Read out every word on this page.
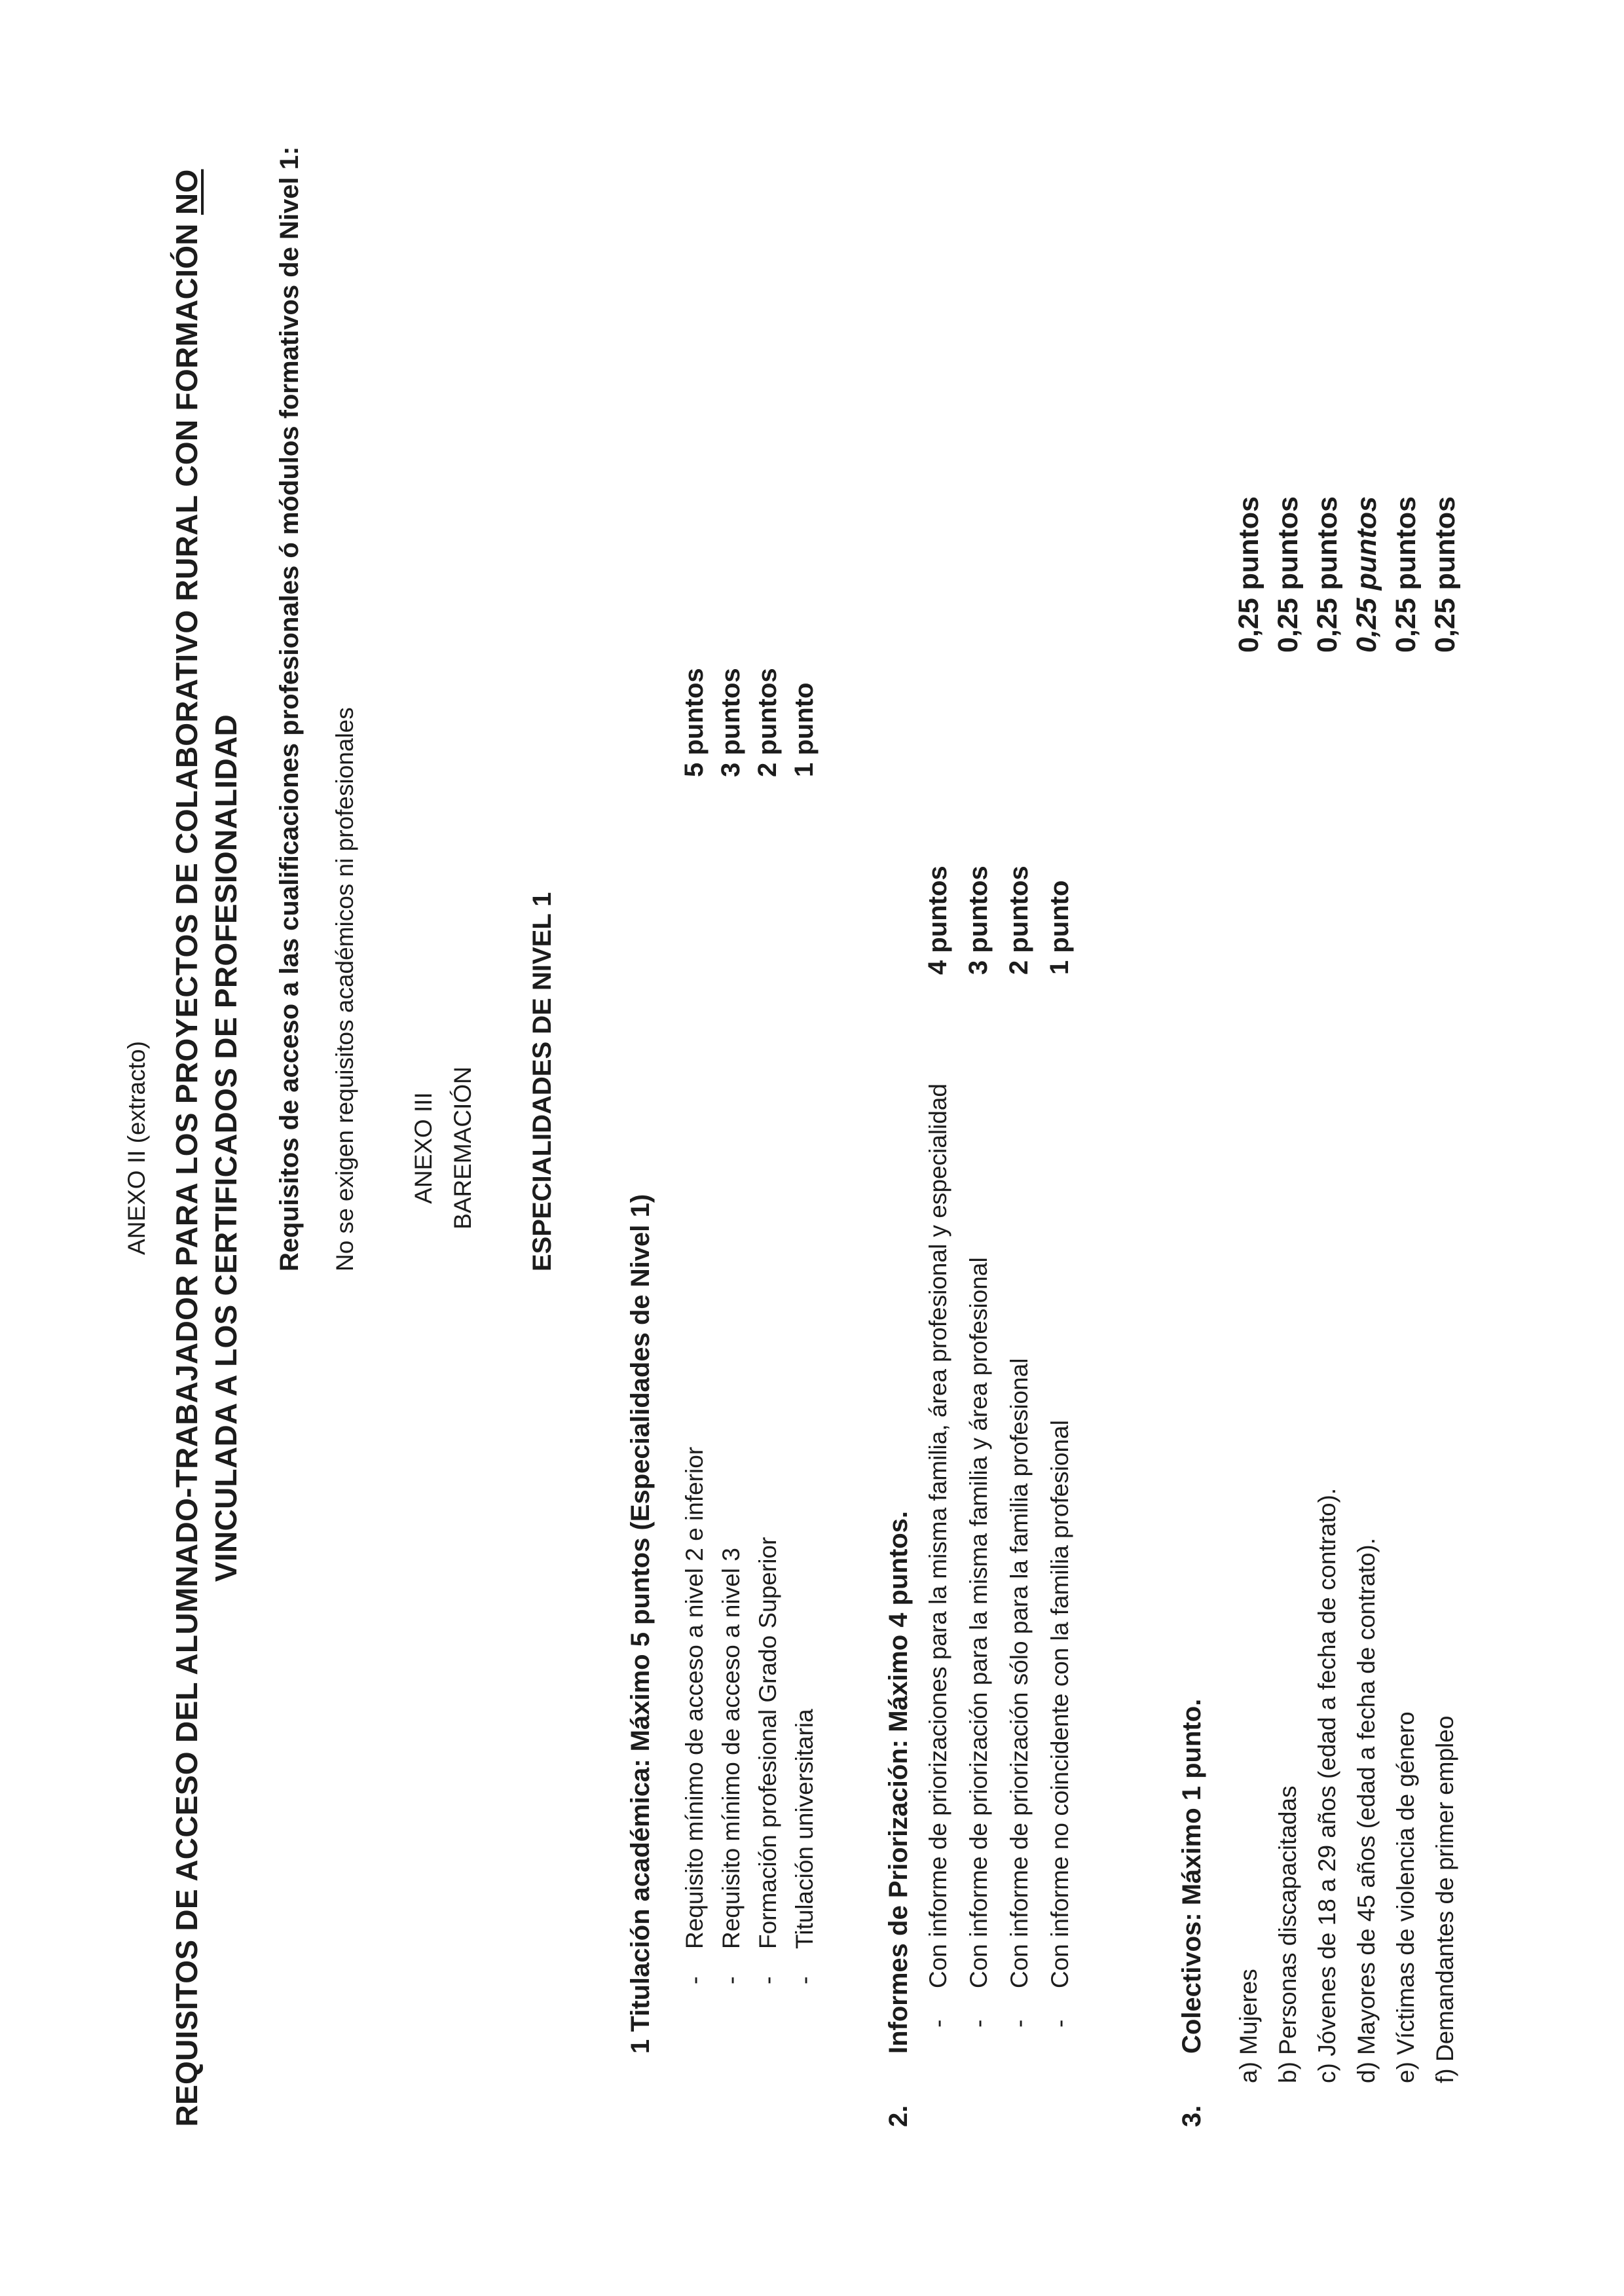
ANEXO II (extracto) REQUISITOS DE ACCESO DEL ALUMNADO-TRABAJADOR PARA LOS PROYECTOS DE COLABORATIVO RURAL CON FORMACIÓN NO
VINCULADA A LOS CERTIFICADOS DE PROFESIONALIDAD Requisitos de acceso a las cualificaciones profesionales ó módulos formativos de Nivel 1: No se exigen requisitos académicos ni profesionales ANEXO III BAREMACIÓN ESPECIALIDADES DE NIVEL 1
1 Titulación académica: Máximo 5 puntos (Especialidades de Nivel 1) -
Requisito mínimo de acceso a nivel 2 e inferior
5 puntos
-
Requisito mínimo de acceso a nivel 3
3 puntos
-
Formación profesional Grado Superior
2 puntos
-
Titulación universitaria
1 punto
2.
Informes de Priorización: Máximo 4 puntos. -
Con informe de priorizaciones para la misma familia, área profesional y especialidad
4 puntos
-
Con informe de priorización para la misma familia y área profesional
3 puntos
-
Con informe de priorización sólo para la familia profesional
2 puntos
-
Con informe no coincidente con la familia profesional
1 punto
3.
Colectivos: Máximo 1 punto. a) Mujeres
0,25 puntos
b) Personas discapacitadas
0,25 puntos
c) Jóvenes de 18 a 29 años (edad a fecha de contrato).
0,25 puntos
d) Mayores de 45 años (edad a fecha de contrato).
0,25 puntos
e) Víctimas de violencia de género
0,25 puntos
f) Demandantes de primer empleo
0,25 puntos
